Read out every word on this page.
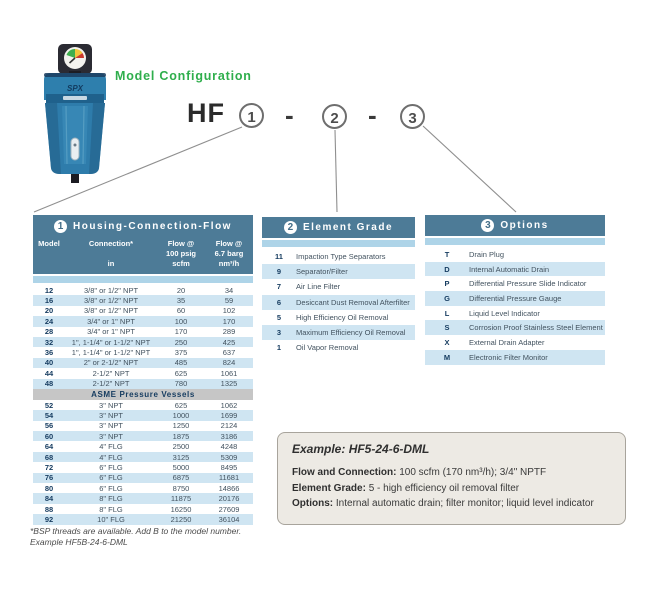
SPX
Model Configuration
HF	1	-	2	-	3
1 Housing-Connection-Flow
Model	Connection*
in
Flow @
100 psig
scfm
Flow @
6.7 barg
nm³/h
12	3/8" or 1/2" NPT	20	34
16	3/8" or 1/2" NPT	35	59
20	3/8" or 1/2" NPT	60	102
24	3/4" or 1" NPT	100	170
28	3/4" or 1" NPT	170	289
32	1", 1-1/4" or 1-1/2" NPT	250	425
36	1", 1-1/4" or 1-1/2" NPT	375	637
40	2" or 2-1/2" NPT	485	824
44	2-1/2" NPT	625	1061
48	2-1/2" NPT	780	1325
ASME Pressure Vessels
52	3" NPT	625	1062
54	3" NPT	1000	1699
56	3" NPT	1250	2124
60	3" NPT	1875	3186
64	4" FLG	2500	4248
68	4" FLG	3125	5309
72	6" FLG	5000	8495
76	6" FLG	6875	11681
80	6" FLG	8750	14866
84	8" FLG	11875	20176
88	8" FLG	16250	27609
92	10" FLG	21250	36104
2 Element Grade
11	Impaction Type Separators
9	Separator/Filter
7	Air Line Filter
6	Desiccant Dust Removal Afterfilter
5	High Efficiency Oil Removal
3	Maximum Efficiency Oil Removal
1	Oil Vapor Removal
3 Options
T	Drain Plug
D	Internal Automatic Drain
P	Differential Pressure Slide Indicator
G	Differential Pressure Gauge
L	Liquid Level Indicator
S	Corrosion Proof Stainless Steel Element
X	External Drain Adapter
M	Electronic Filter Monitor
Example: HF5-24-6-DML
Flow and Connection: 100 scfm (170 nm³/h); 3/4" NPTF
Element Grade: 5 - high efficiency oil removal filter
Options: Internal automatic drain; filter monitor; liquid level indicator
*BSP threads are available. Add B to the model number.
Example HF5B-24-6-DML
